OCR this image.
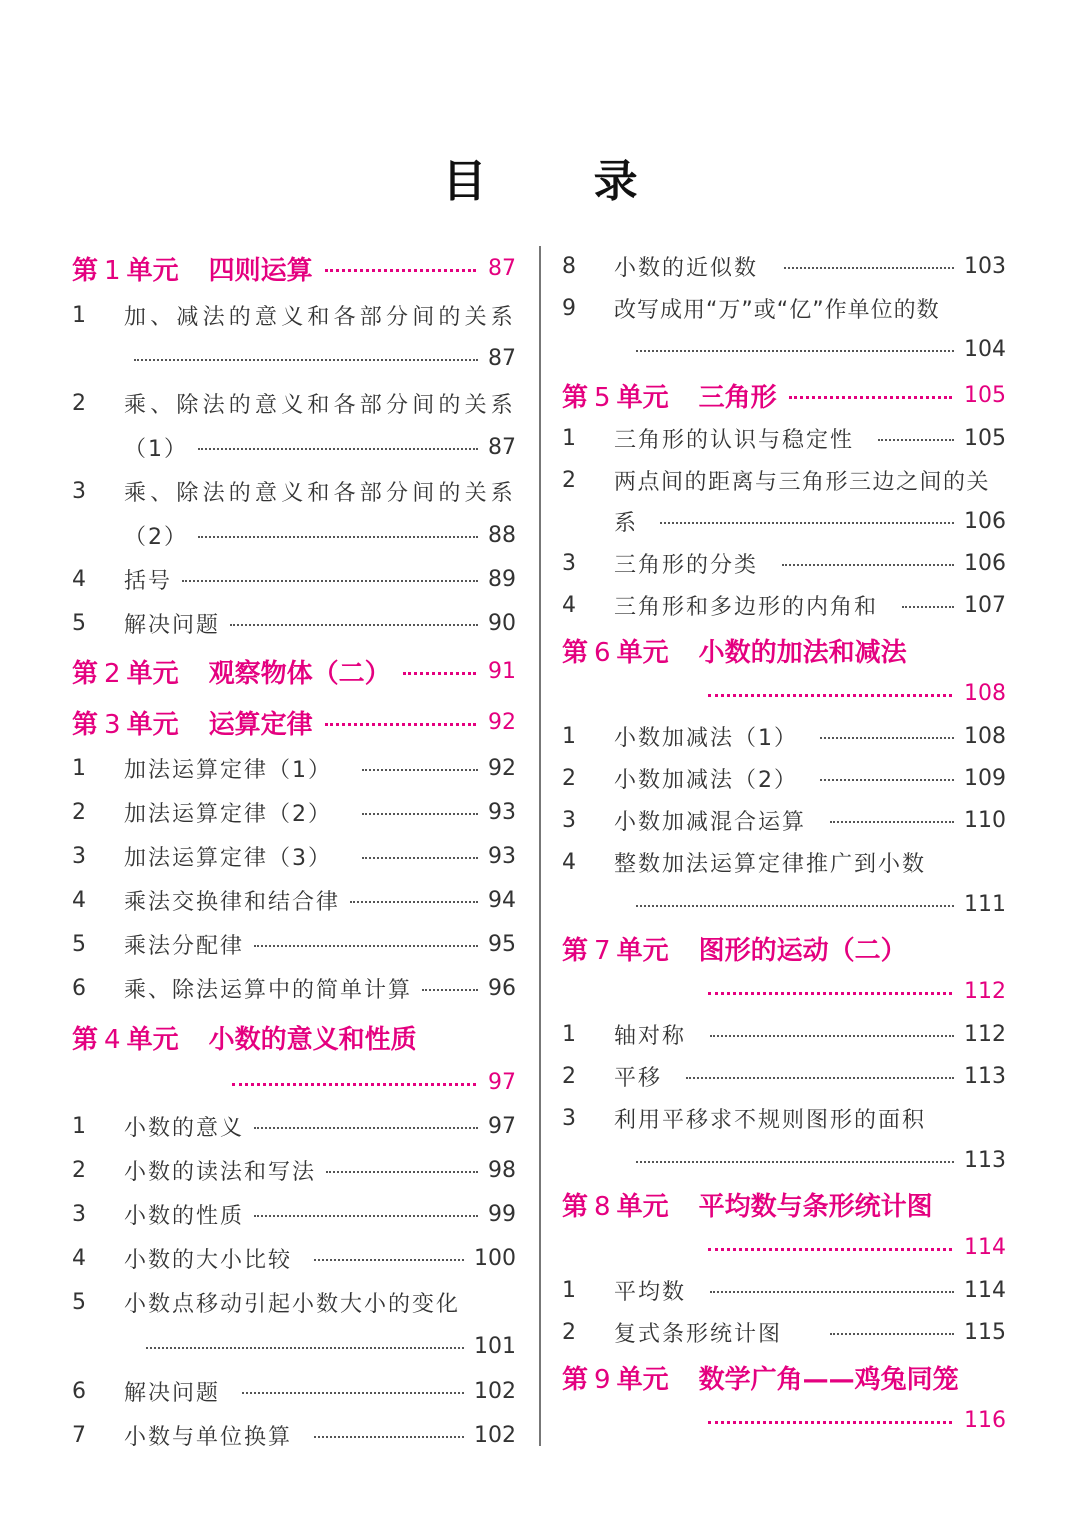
目 录
第 1 单元 四则运算	87
1	加、减法的意义和各部分间的关系
87
2	乘、除法的意义和各部分间的关系
（1）	87
3	乘、除法的意义和各部分间的关系
（2）	88
4	括号	89
5	解决问题	90
第 2 单元 观察物体（二）	91
第 3 单元 运算定律	92
1	加法运算定律（1）	92
2	加法运算定律（2）	93
3	加法运算定律（3）	93
4	乘法交换律和结合律	94
5	乘法分配律	95
6	乘、除法运算中的简单计算	96
第 4 单元 小数的意义和性质
97
1	小数的意义	97
2	小数的读法和写法	98
3	小数的性质	99
4	小数的大小比较	100
5	小数点移动引起小数大小的变化
101
6	解决问题	102
7	小数与单位换算	102
8	小数的近似数	103
9	改写成用“万”或“亿”作单位的数
104
第 5 单元 三角形	105
1	三角形的认识与稳定性	105
2	两点间的距离与三角形三边之间的关
系	106
3	三角形的分类	106
4	三角形和多边形的内角和	107
第 6 单元 小数的加法和减法
108
1	小数加减法（1）	108
2	小数加减法（2）	109
3	小数加减混合运算	110
4	整数加法运算定律推广到小数
111
第 7 单元 图形的运动（二）
112
1	轴对称	112
2	平移	113
3	利用平移求不规则图形的面积
113
第 8 单元 平均数与条形统计图
114
1	平均数	114
2	复式条形统计图	115
第 9 单元 数学广角——鸡兔同笼
116
